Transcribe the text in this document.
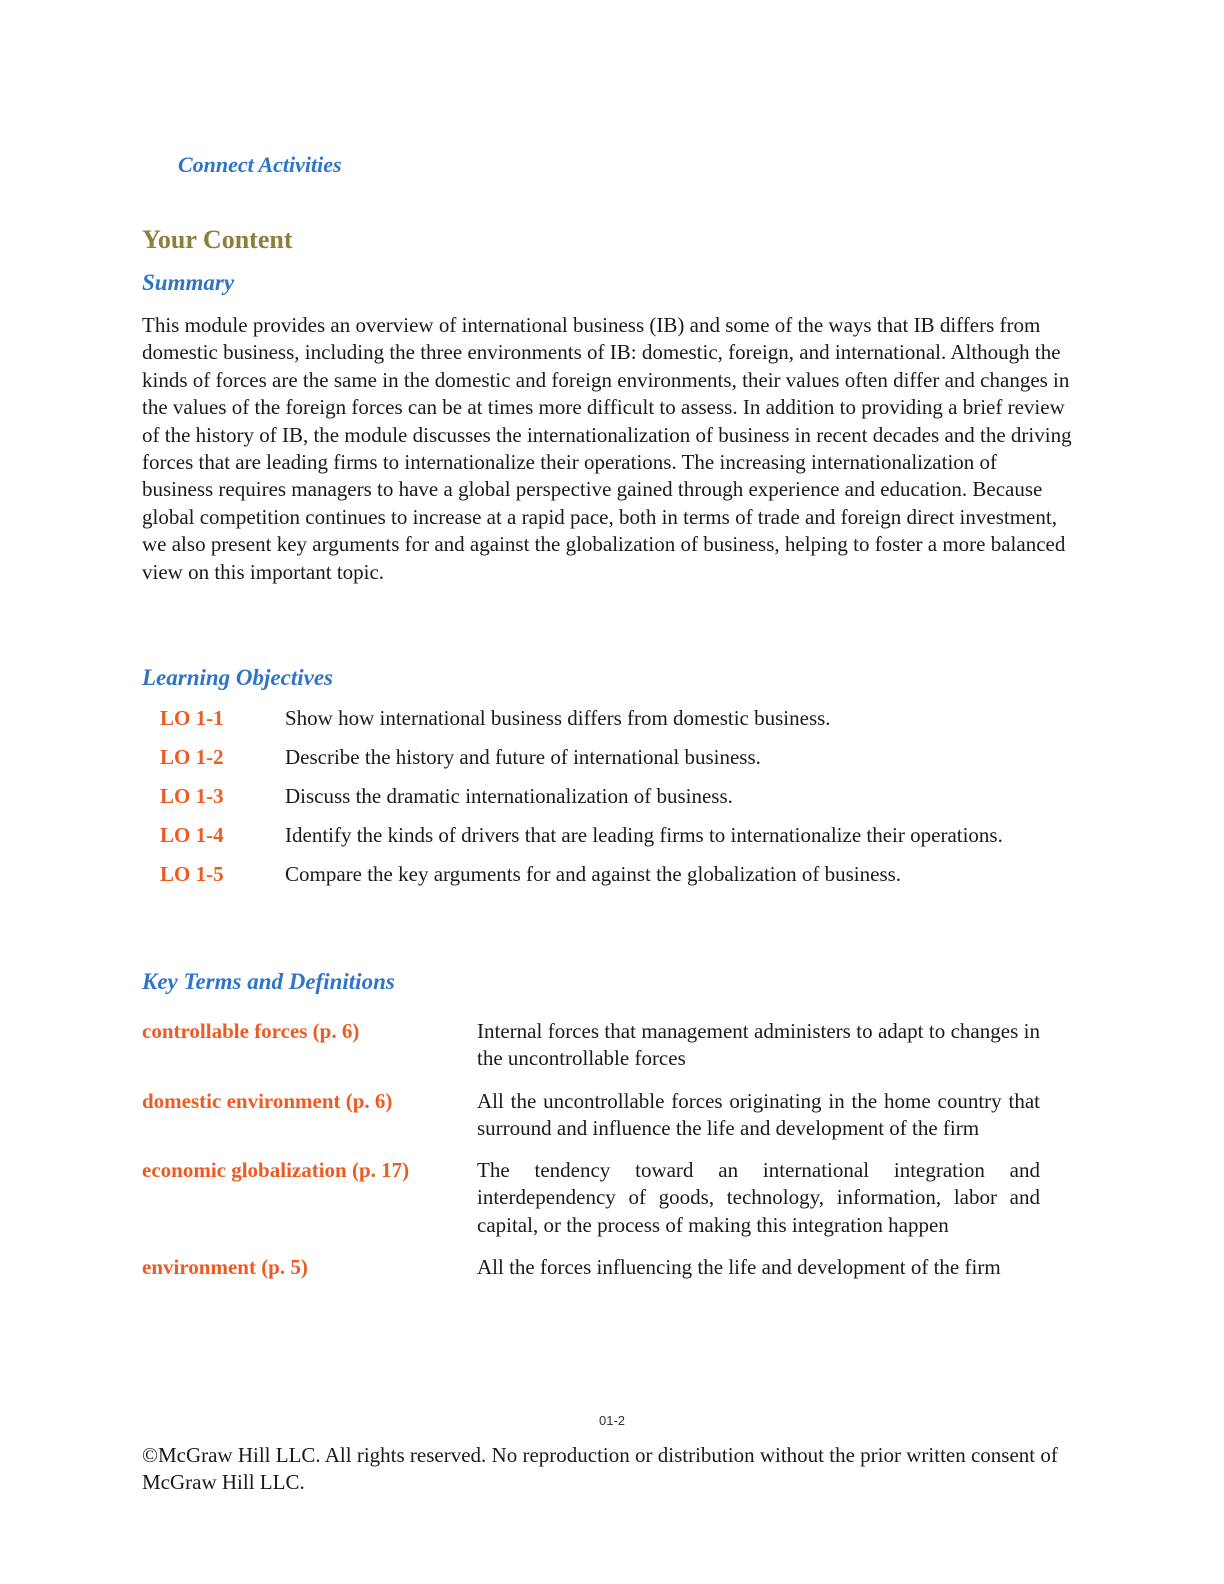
Connect Activities
Your Content
Summary
This module provides an overview of international business (IB) and some of the ways that IB differs from domestic business, including the three environments of IB: domestic, foreign, and international. Although the kinds of forces are the same in the domestic and foreign environments, their values often differ and changes in the values of the foreign forces can be at times more difficult to assess. In addition to providing a brief review of the history of IB, the module discusses the internationalization of business in recent decades and the driving forces that are leading firms to internationalize their operations. The increasing internationalization of business requires managers to have a global perspective gained through experience and education. Because global competition continues to increase at a rapid pace, both in terms of trade and foreign direct investment, we also present key arguments for and against the globalization of business, helping to foster a more balanced view on this important topic.
Learning Objectives
LO 1-1	Show how international business differs from domestic business.
LO 1-2	Describe the history and future of international business.
LO 1-3	Discuss the dramatic internationalization of business.
LO 1-4	Identify the kinds of drivers that are leading firms to internationalize their operations.
LO 1-5	Compare the key arguments for and against the globalization of business.
Key Terms and Definitions
controllable forces (p. 6)	Internal forces that management administers to adapt to changes in the uncontrollable forces
domestic environment (p. 6)	All the uncontrollable forces originating in the home country that surround and influence the life and development of the firm
economic globalization (p. 17)	The tendency toward an international integration and interdependency of goods, technology, information, labor and capital, or the process of making this integration happen
environment (p. 5)	All the forces influencing the life and development of the firm
01-2
©McGraw Hill LLC. All rights reserved. No reproduction or distribution without the prior written consent of McGraw Hill LLC.
